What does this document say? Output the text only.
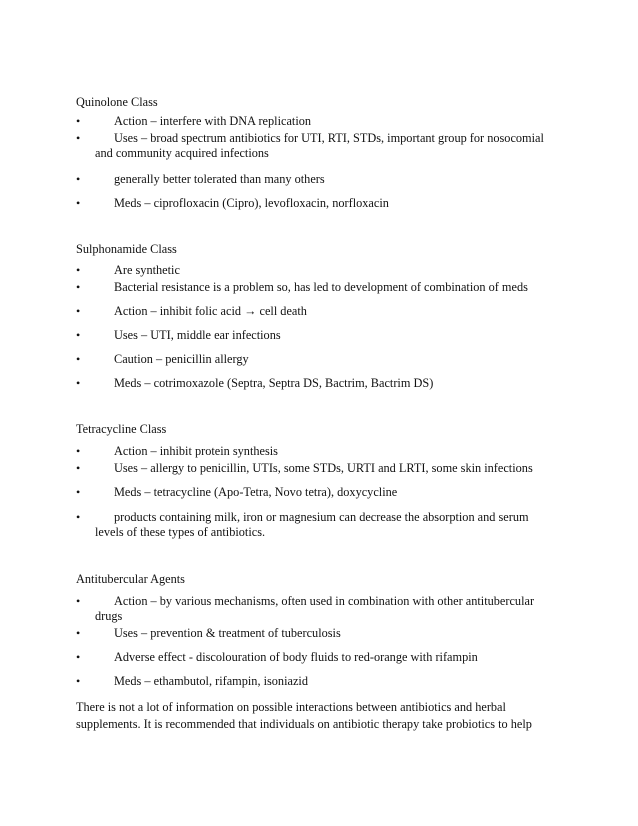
Quinolone Class
•	Action – interfere with DNA replication
•	Uses – broad spectrum antibiotics for UTI, RTI, STDs, important group for nosocomial
and community acquired infections
•	generally better tolerated than many others
•	Meds – ciprofloxacin (Cipro), levofloxacin, norfloxacin
Sulphonamide Class
•	Are synthetic
•	Bacterial resistance is a problem so, has led to development of combination of meds
•	Action – inhibit folic acid → cell death
•	Uses – UTI, middle ear infections
•	Caution – penicillin allergy
•	Meds – cotrimoxazole (Septra, Septra DS, Bactrim, Bactrim DS)
Tetracycline Class
•	Action – inhibit protein synthesis
•	Uses – allergy to penicillin, UTIs, some STDs, URTI and LRTI, some skin infections
•	Meds – tetracycline (Apo-Tetra, Novo tetra), doxycycline
•	products containing milk, iron or magnesium can decrease the absorption and serum
levels of these types of antibiotics.
Antitubercular Agents
•	Action – by various mechanisms, often used in combination with other antitubercular
drugs
•	Uses – prevention & treatment of tuberculosis
•	Adverse effect - discolouration of body fluids to red-orange with rifampin
•	Meds – ethambutol, rifampin, isoniazid
There is not a lot of information on possible interactions between antibiotics and herbal
supplements. It is recommended that individuals on antibiotic therapy take probiotics to help
